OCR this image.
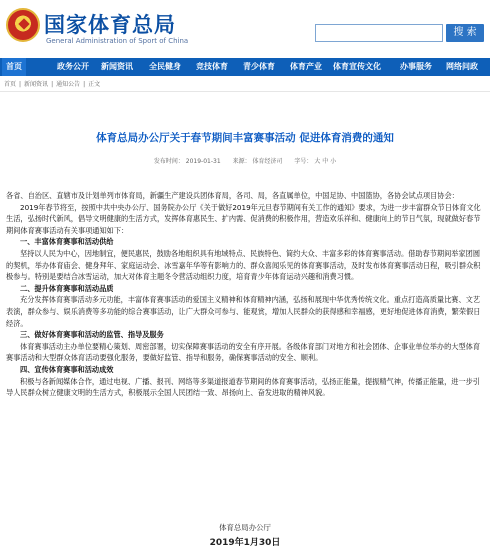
国家体育总局
General Administration of Sport of China
搜 索
首页	政务公开 新闻资讯 全民健身 竞技体育 青少体育 体育产业 体育宣传文化 办事服务 网络问政
首页 | 新闻资讯 | 通知公告 | 正文
体育总局办公厅关于春节期间丰富赛事活动 促进体育消费的通知
发布时间： 2019-01-31 来源： 体育经济司 字号： 大 中 小

各省、自治区、直辖市及计划单列市体育局，新疆生产建设兵团体育局，各司、局，各直属单位，中国足协、中国篮协，各协会试点项目协会：

2019年春节将至，按照中共中央办公厅、国务院办公厅《关于做好2019年元旦春节期间有关工作的通知》要求，为进一步丰富群众节日体育文化生活，弘扬时代新风，倡导文明健康的生活方式，发挥体育惠民生、扩内需、促消费的积极作用，营造欢乐祥和、健康向上的节日气氛，现就做好春节期间体育赛事活动有关事项通知如下：

一、丰富体育赛事和活动供给

坚持以人民为中心，因地制宜，便民惠民，鼓励各地组织具有地域特点、民族特色、简约大众、丰富多彩的体育赛事活动。借助春节期间举家团圆的契机，举办体育庙会、健身拜年、家庭运动会、冰雪嘉年华等有影响力的、群众喜闻乐见的体育赛事活动，及时发布体育赛事活动日程，吸引群众积极参与。特别是要结合冰雪运动，加大对体育主题冬令营活动组织力度，培育青少年体育运动兴趣和消费习惯。

二、提升体育赛事和活动品质

充分发挥体育赛事活动多元功能，丰富体育赛事活动的爱国主义精神和体育精神内涵，弘扬和展现中华优秀传统文化。重点打造高质量比赛、文艺表演，群众参与、娱乐消费等多功能的综合赛事活动，让广大群众可参与、能观赏，增加人民群众的获得感和幸福感，更好地促进体育消费，繁荣假日经济。

三、做好体育赛事和活动的监管、指导及服务

体育赛事活动主办单位要精心策划、周密部署，切实保障赛事活动的安全有序开展。各级体育部门对地方和社会团体、企事业单位举办的大型体育赛事活动和大型群众体育活动要强化服务，要做好监管、指导和服务，确保赛事活动的安全、顺利。

四、宣传体育赛事和活动成效

积极与各新闻媒体合作，通过电视、广播、报刊、网络等多渠道报道春节期间的体育赛事活动，弘扬正能量，提振精气神，传播正能量，进一步引导人民群众树立健康文明的生活方式，积极展示全国人民团结一致、昂扬向上、奋发进取的精神风貌。

体育总局办公厅
2019年1月30日
